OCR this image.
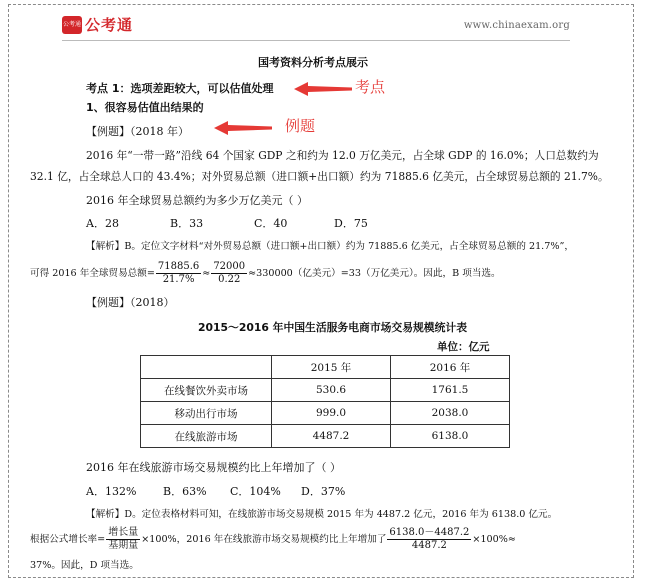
公考通 公考通	www.chinaexam.org
国考资料分析考点展示
考点 1：选项差距较大，可以估值处理	考点
1、很容易估值出结果的
【例题】（2018 年）	例题
2016 年“一带一路”沿线 64 个国家 GDP 之和约为 12.0 万亿美元，占全球 GDP 的 16.0%；人口总数约为
32.1 亿，占全球总人口的 43.4%；对外贸易总额（进口额+出口额）约为 71885.6 亿美元，占全球贸易总额的 21.7%。
2016 年全球贸易总额约为多少万亿美元（ ）
A．28	B．33	C．40	D．75
【解析】B。定位文字材料“对外贸易总额（进口额+出口额）约为 71885.6 亿美元，占全球贸易总额的 21.7%”，
可得 2016 年全球贸易总额= $\frac{71885.6}{21.7\%} \approx \frac{72000}{0.22} \approx 330000$（亿美元）=33（万亿美元）。因此，B 项当选。
【例题】（2018）
2015～2016 年中国生活服务电商市场交易规模统计表
单位：亿元
	2015 年	2016 年
在线餐饮外卖市场	530.6	1761.5
移动出行市场	999.0	2038.0
在线旅游市场	4487.2	6138.0
2016 年在线旅游市场交易规模约比上年增加了（ ）
A．132% B．63% C．104% D．37%
【解析】D。定位表格材料可知，在线旅游市场交易规模 2015 年为 4487.2 亿元，2016 年为 6138.0 亿元。
根据公式增长率= $\frac{\text{增长量}}{\text{基期量}} \times 100\%$，2016 年在线旅游市场交易规模约比上年增加了 $\frac{6138.0-4487.2}{4487.2} \times 100\%\approx$
37%。因此，D 项当选。
